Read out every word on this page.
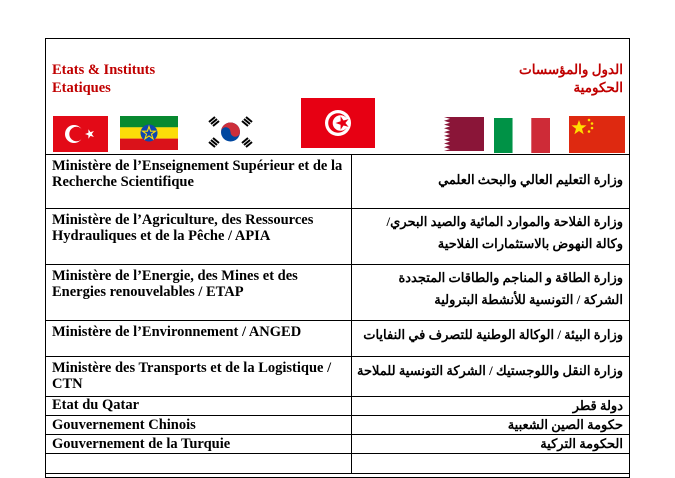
Etats & Instituts
Etatiques
الدول والمؤسسات
الحكومية
Ministère de l’Enseignement Supérieur et de la Recherche Scientifique	وزارة التعليم العالي والبحث العلمي
Ministère de l’Agriculture, des Ressources Hydrauliques et de la Pêche / APIA	وزارة الفلاحة والموارد المائية والصيد البحري/ وكالة النهوض بالاستثمارات الفلاحية
Ministère de l’Energie, des Mines et des Energies renouvelables / ETAP	وزارة الطاقة و المناجم والطاقات المتجددة الشركة / التونسية للأنشطة البترولية
Ministère de l’Environnement / ANGED	وزارة البيئة / الوكالة الوطنية للتصرف في النفايات
Ministère des Transports et de la Logistique / CTN	وزارة النقل واللوجستيك / الشركة التونسية للملاحة
Etat du Qatar	دولة قطر
Gouvernement Chinois	حكومة الصين الشعبية
Gouvernement de la Turquie	الحكومة التركية
